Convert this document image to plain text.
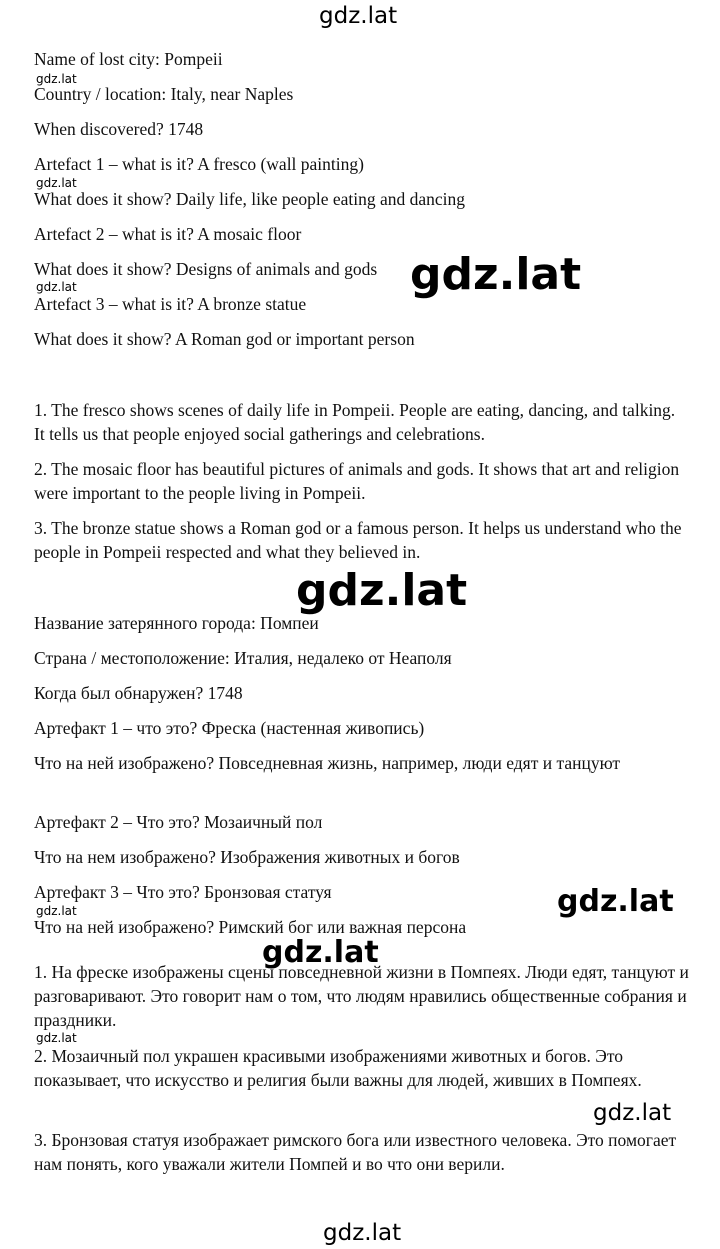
Name of lost city: Pompeii
Country / location: Italy, near Naples
When discovered? 1748
Artefact 1 – what is it? A fresco (wall painting)
What does it show? Daily life, like people eating and dancing
Artefact 2 – what is it? A mosaic floor
What does it show? Designs of animals and gods
Artefact 3 – what is it? A bronze statue
What does it show? A Roman god or important person
1. The fresco shows scenes of daily life in Pompeii. People are eating, dancing, and talking. It tells us that people enjoyed social gatherings and celebrations.
2. The mosaic floor has beautiful pictures of animals and gods. It shows that art and religion were important to the people living in Pompeii.
3. The bronze statue shows a Roman god or a famous person. It helps us understand who the people in Pompeii respected and what they believed in.
Название затерянного города: Помпеи
Страна / местоположение: Италия, недалеко от Неаполя
Когда был обнаружен? 1748
Артефакт 1 – что это? Фреска (настенная живопись)
Что на ней изображено? Повседневная жизнь, например, люди едят и танцуют
Артефакт 2 – Что это? Мозаичный пол
Что на нем изображено? Изображения животных и богов
Артефакт 3 – Что это? Бронзовая статуя
Что на ней изображено? Римский бог или важная персона
1. На фреске изображены сцены повседневной жизни в Помпеях. Люди едят, танцуют и разговаривают. Это говорит нам о том, что людям нравились общественные собрания и праздники.
2. Мозаичный пол украшен красивыми изображениями животных и богов. Это показывает, что искусство и религия были важны для людей, живших в Помпеях.
3. Бронзовая статуя изображает римского бога или известного человека. Это помогает нам понять, кого уважали жители Помпей и во что они верили.
gdz.lat
gdz.lat
gdz.lat
gdz.lat	gdz.lat
gdz.lat
gdz.lat
gdz.lat
gdz.lat
gdz.lat
gdz.lat
gdz.lat
